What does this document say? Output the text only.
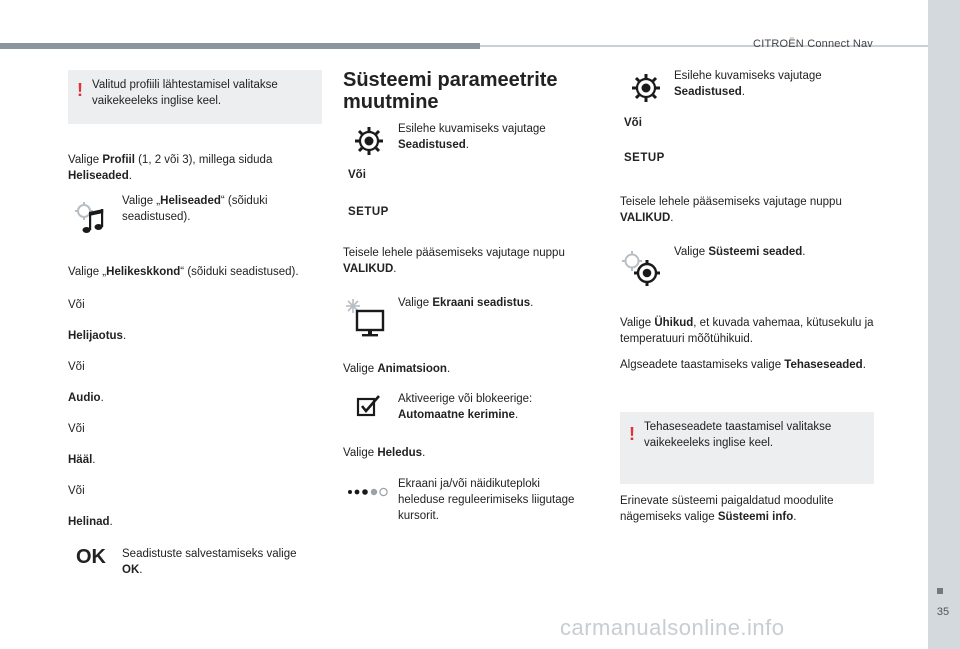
CITROËN Connect Nav
35
! Valitud profiili lähtestamisel valitakse vaikekeeleks inglise keel.
Valige Profiil (1, 2 või 3), millega siduda Heliseaded.
Valige „Heliseaded“ (sõiduki seadistused).
Valige „Helikeskkond“ (sõiduki seadistused).
Või
Helijaotus.
Või
Audio.
Või
Hääl.
Või
Helinad.
OK Seadistuste salvestamiseks valige OK.
Süsteemi parameetrite
muutmine
Esilehe kuvamiseks vajutage Seadistused.
Või
SETUP
Teisele lehele pääsemiseks vajutage nuppu VALIKUD.
Valige Ekraani seadistus.
Valige Animatsioon.
Aktiveerige või blokeerige: Automaatne kerimine.
Valige Heledus.
Ekraani ja/või näidikuteploki heleduse reguleerimiseks liigutage kursorit.
Esilehe kuvamiseks vajutage Seadistused.
Või
SETUP
Teisele lehele pääsemiseks vajutage nuppu VALIKUD.
Valige Süsteemi seaded.
Valige Ühikud, et kuvada vahemaa, kütusekulu ja temperatuuri mõõtühikuid.
Algseadete taastamiseks valige Tehaseseaded.
! Tehaseseadete taastamisel valitakse vaikekeeleks inglise keel.
Erinevate süsteemi paigaldatud moodulite nägemiseks valige Süsteemi info.
carmanualsonline.info
